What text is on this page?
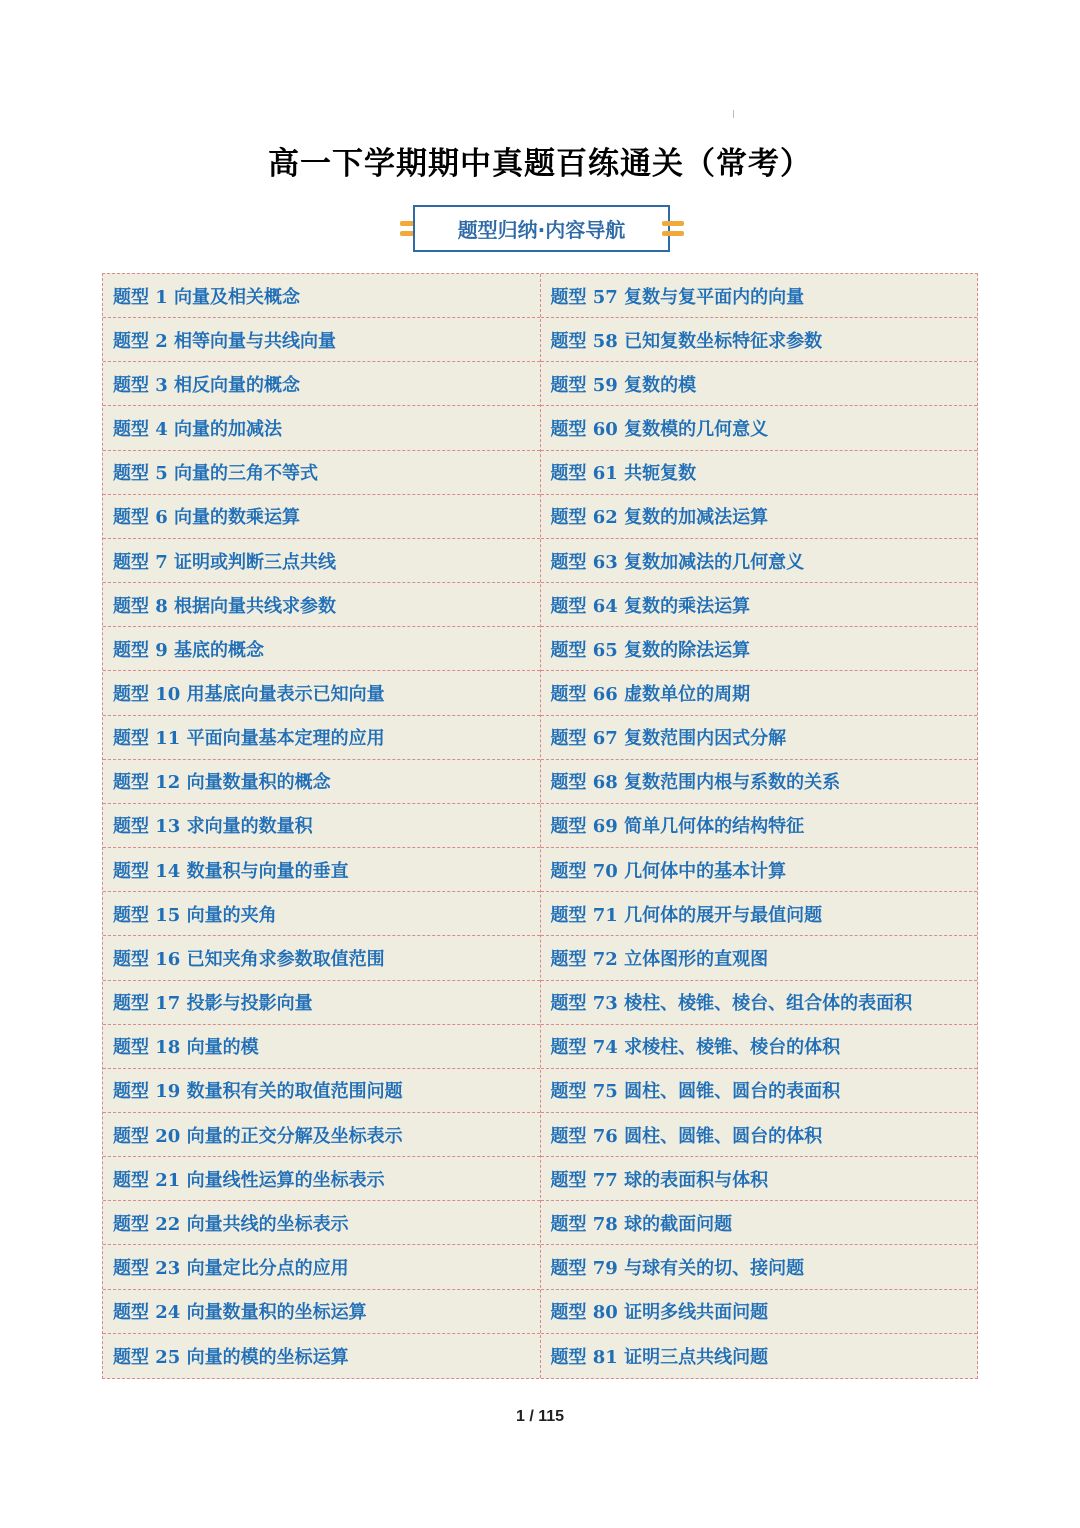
高一下学期期中真题百练通关（常考）
题型归纳·内容导航
题型 1 向量及相关概念
题型 2 相等向量与共线向量
题型 3 相反向量的概念
题型 4 向量的加减法
题型 5 向量的三角不等式
题型 6 向量的数乘运算
题型 7 证明或判断三点共线
题型 8 根据向量共线求参数
题型 9 基底的概念
题型 10 用基底向量表示已知向量
题型 11 平面向量基本定理的应用
题型 12 向量数量积的概念
题型 13 求向量的数量积
题型 14 数量积与向量的垂直
题型 15 向量的夹角
题型 16 已知夹角求参数取值范围
题型 17 投影与投影向量
题型 18 向量的模
题型 19 数量积有关的取值范围问题
题型 20 向量的正交分解及坐标表示
题型 21 向量线性运算的坐标表示
题型 22 向量共线的坐标表示
题型 23 向量定比分点的应用
题型 24 向量数量积的坐标运算
题型 25 向量的模的坐标运算
题型 57 复数与复平面内的向量
题型 58 已知复数坐标特征求参数
题型 59 复数的模
题型 60 复数模的几何意义
题型 61 共轭复数
题型 62 复数的加减法运算
题型 63 复数加减法的几何意义
题型 64 复数的乘法运算
题型 65 复数的除法运算
题型 66 虚数单位的周期
题型 67 复数范围内因式分解
题型 68 复数范围内根与系数的关系
题型 69 简单几何体的结构特征
题型 70 几何体中的基本计算
题型 71 几何体的展开与最值问题
题型 72 立体图形的直观图
题型 73 棱柱、棱锥、棱台、组合体的表面积
题型 74 求棱柱、棱锥、棱台的体积
题型 75 圆柱、圆锥、圆台的表面积
题型 76 圆柱、圆锥、圆台的体积
题型 77 球的表面积与体积
题型 78 球的截面问题
题型 79 与球有关的切、接问题
题型 80 证明多线共面问题
题型 81 证明三点共线问题
1 / 115
